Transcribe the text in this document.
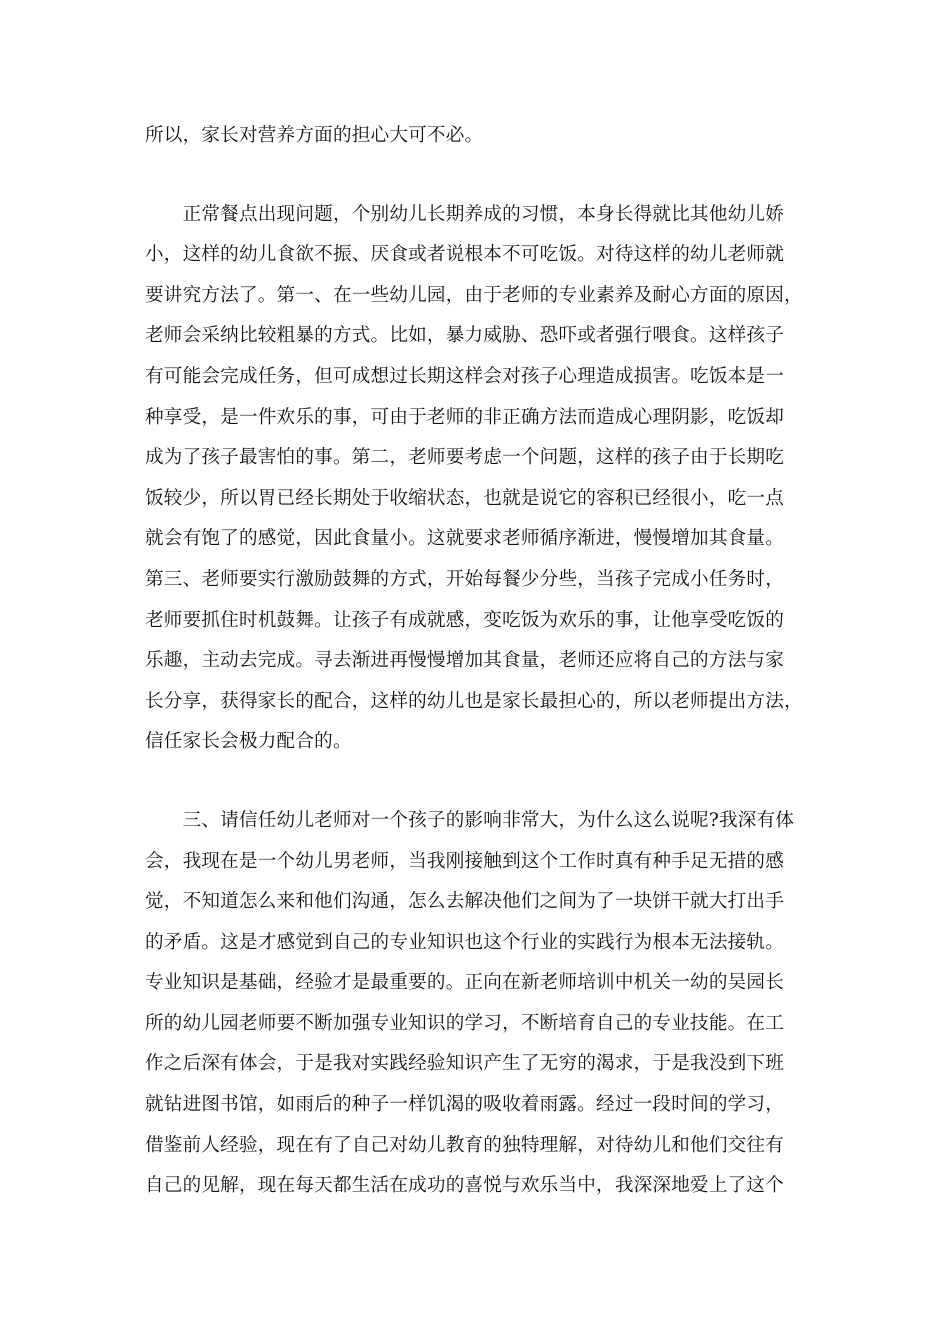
所以，家长对营养方面的担心大可不必。
　　正常餐点出现问题，个别幼儿长期养成的习惯，本身长得就比其他幼儿娇
小，这样的幼儿食欲不振、厌食或者说根本不可吃饭。对待这样的幼儿老师就
要讲究方法了。第一、在一些幼儿园，由于老师的专业素养及耐心方面的原因，
老师会采纳比较粗暴的方式。比如，暴力威胁、恐吓或者强行喂食。这样孩子
有可能会完成任务，但可成想过长期这样会对孩子心理造成损害。吃饭本是一
种享受，是一件欢乐的事，可由于老师的非正确方法而造成心理阴影，吃饭却
成为了孩子最害怕的事。第二，老师要考虑一个问题，这样的孩子由于长期吃
饭较少，所以胃已经长期处于收缩状态，也就是说它的容积已经很小，吃一点
就会有饱了的感觉，因此食量小。这就要求老师循序渐进，慢慢增加其食量。
第三、老师要实行激励鼓舞的方式，开始每餐少分些，当孩子完成小任务时，
老师要抓住时机鼓舞。让孩子有成就感，变吃饭为欢乐的事，让他享受吃饭的
乐趣，主动去完成。寻去渐进再慢慢增加其食量，老师还应将自己的方法与家
长分享，获得家长的配合，这样的幼儿也是家长最担心的，所以老师提出方法，
信任家长会极力配合的。
　　三、请信任幼儿老师对一个孩子的影响非常大，为什么这么说呢?我深有体
会，我现在是一个幼儿男老师，当我刚接触到这个工作时真有种手足无措的感
觉，不知道怎么来和他们沟通，怎么去解决他们之间为了一块饼干就大打出手
的矛盾。这是才感觉到自己的专业知识也这个行业的实践行为根本无法接轨。
专业知识是基础，经验才是最重要的。正向在新老师培训中机关一幼的吴园长
所的幼儿园老师要不断加强专业知识的学习，不断培育自己的专业技能。在工
作之后深有体会，于是我对实践经验知识产生了无穷的渴求，于是我没到下班
就钻进图书馆，如雨后的种子一样饥渴的吸收着雨露。经过一段时间的学习，
借鉴前人经验，现在有了自己对幼儿教育的独特理解，对待幼儿和他们交往有
自己的见解，现在每天都生活在成功的喜悦与欢乐当中，我深深地爱上了这个
